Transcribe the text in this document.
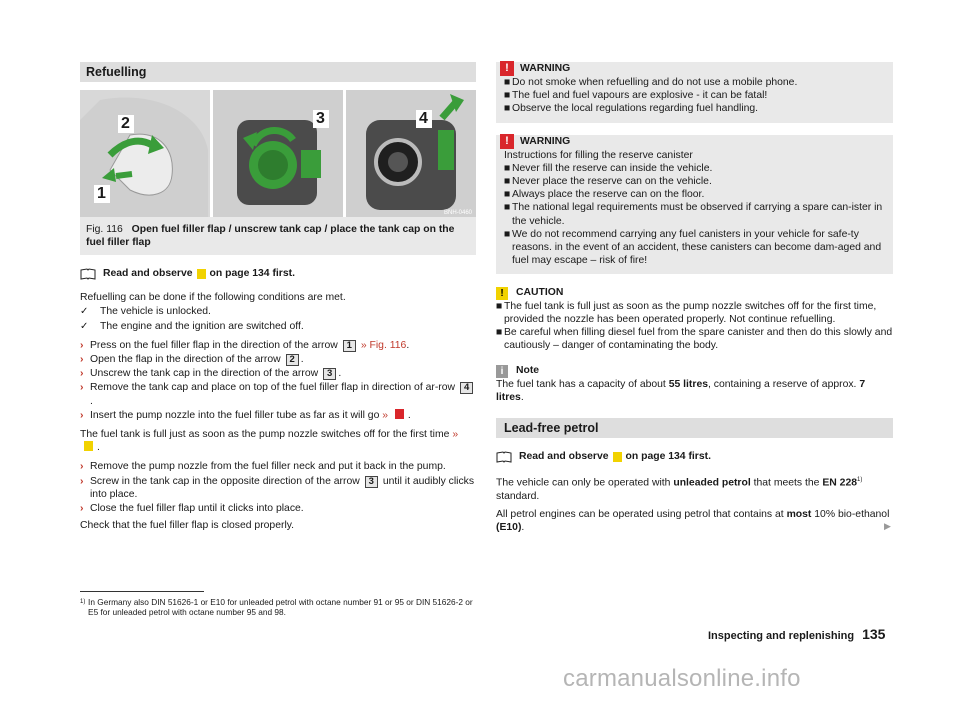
Refuelling
2
1
3
BNH-0460
4
Fig. 116 Open fuel filler flap / unscrew tank cap / place the tank cap on the fuel filler flap
Read and observe on page 134 first.

Refuelling can be done if the following conditions are met.

✓	The vehicle is unlocked.
✓	The engine and the ignition are switched off.
› Press on the fuel filler flap in the direction of the arrow 1 » Fig. 116.
› Open the flap in the direction of the arrow 2 .
› Unscrew the tank cap in the direction of the arrow 3 .
› Remove the tank cap and place on top of the fuel filler flap in direction of ar-row 4.
› Insert the pump nozzle into the fuel filler tube as far as it will go » .

The fuel tank is full just as soon as the pump nozzle switches off for the first time » .

› Remove the pump nozzle from the fuel filler neck and put it back in the pump.
› Screw in the tank cap in the opposite direction of the arrow 3 until it audibly clicks into place.
› Close the fuel filler flap until it clicks into place.

Check that the fuel filler flap is closed properly.

!	WARNING
■ Do not smoke when refuelling and do not use a mobile phone.
■ The fuel and fuel vapours are explosive - it can be fatal!
■ Observe the local regulations regarding fuel handling.
!	WARNING
Instructions for filling the reserve canister
■ Never fill the reserve can inside the vehicle.
■ Never place the reserve can on the vehicle.
■ Always place the reserve can on the floor.
■ The national legal requirements must be observed if carrying a spare can-ister in the vehicle.
■ We do not recommend carrying any fuel canisters in your vehicle for safe-ty reasons. in the event of an accident, these canisters can become dam-aged and fuel may escape – risk of fire!
!	CAUTION
■ The fuel tank is full just as soon as the pump nozzle switches off for the first time, provided the nozzle has been operated properly. Not continue refuelling.
■ Be careful when filling diesel fuel from the spare canister and then do this slowly and cautiously – danger of contaminating the body.
i	Note
The fuel tank has a capacity of about 55 litres, containing a reserve of approx. 7 litres.
Lead-free petrol
Read and observe on page 134 first.

The vehicle can only be operated with unleaded petrol that meets the EN 228$^{1)}$ standard.

All petrol engines can be operated using petrol that contains at most 10% bio-ethanol (E10).	▶
1) In Germany also DIN 51626-1 or E10 for unleaded petrol with octane number 91 or 95 or DIN 51626-2 or E5 for unleaded petrol with octane number 95 and 98.
Inspecting and replenishing 135
carmanualsonline.info
